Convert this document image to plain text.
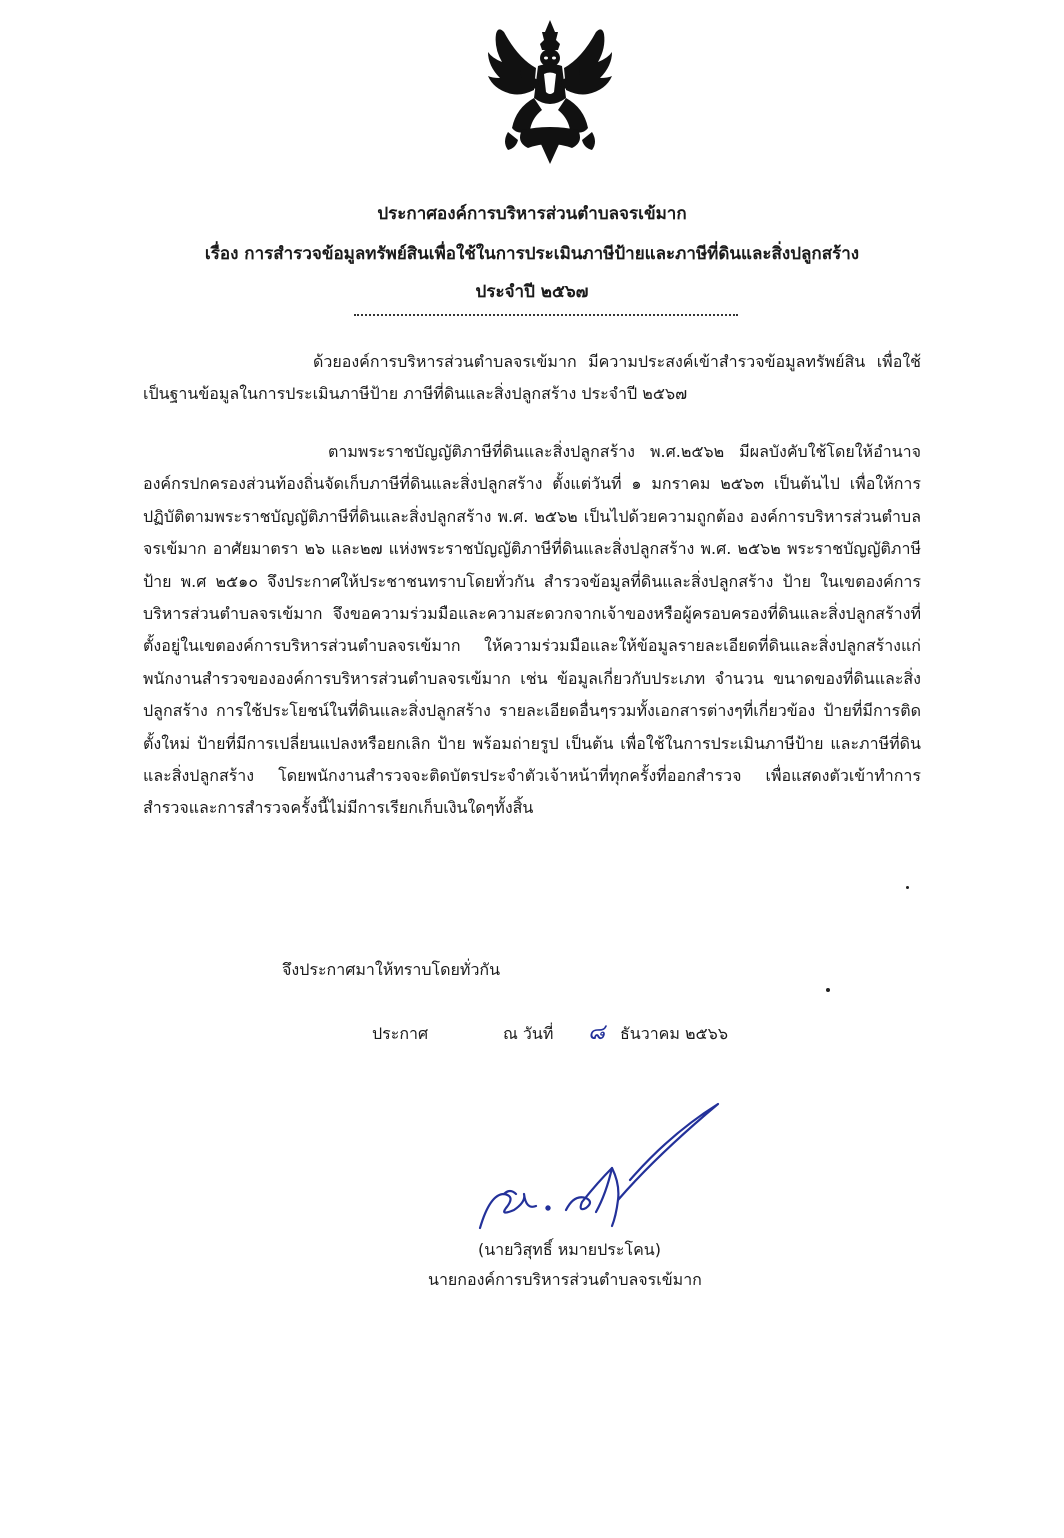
ประกาศองค์การบริหารส่วนตำบลจรเข้มาก
เรื่อง การสำรวจข้อมูลทรัพย์สินเพื่อใช้ในการประเมินภาษีป้ายและภาษีที่ดินและสิ่งปลูกสร้าง
ประจำปี ๒๕๖๗
ด้วยองค์การบริหารส่วนตำบลจรเข้มาก มีความประสงค์เข้าสำรวจข้อมูลทรัพย์สิน เพื่อใช้เป็นฐานข้อมูลในการประเมินภาษีป้าย ภาษีที่ดินและสิ่งปลูกสร้าง ประจำปี ๒๕๖๗
ตามพระราชบัญญัติภาษีที่ดินและสิ่งปลูกสร้าง พ.ศ.๒๕๖๒ มีผลบังคับใช้โดยให้อำนาจองค์กรปกครองส่วนท้องถิ่นจัดเก็บภาษีที่ดินและสิ่งปลูกสร้าง ตั้งแต่วันที่ ๑ มกราคม ๒๕๖๓ เป็นต้นไป เพื่อให้การปฏิบัติตามพระราชบัญญัติภาษีที่ดินและสิ่งปลูกสร้าง พ.ศ. ๒๕๖๒ เป็นไปด้วยความถูกต้อง องค์การบริหารส่วนตำบลจรเข้มาก อาศัยมาตรา ๒๖ และ๒๗ แห่งพระราชบัญญัติภาษีที่ดินและสิ่งปลูกสร้าง พ.ศ. ๒๕๖๒ พระราชบัญญัติภาษีป้าย พ.ศ ๒๕๑๐ จึงประกาศให้ประชาชนทราบโดยทั่วกัน สำรวจข้อมูลที่ดินและสิ่งปลูกสร้าง ป้าย ในเขตองค์การบริหารส่วนตำบลจรเข้มาก จึงขอความร่วมมือและความสะดวกจากเจ้าของหรือผู้ครอบครองที่ดินและสิ่งปลูกสร้างที่ตั้งอยู่ในเขตองค์การบริหารส่วนตำบลจรเข้มาก ให้ความร่วมมือและให้ข้อมูลรายละเอียดที่ดินและสิ่งปลูกสร้างแก่พนักงานสำรวจขององค์การบริหารส่วนตำบลจรเข้มาก เช่น ข้อมูลเกี่ยวกับประเภท จำนวน ขนาดของที่ดินและสิ่งปลูกสร้าง การใช้ประโยชน์ในที่ดินและสิ่งปลูกสร้าง รายละเอียดอื่นๆรวมทั้งเอกสารต่างๆที่เกี่ยวข้อง ป้ายที่มีการติดตั้งใหม่ ป้ายที่มีการเปลี่ยนแปลงหรือยกเลิก ป้าย พร้อมถ่ายรูป เป็นต้น เพื่อใช้ในการประเมินภาษีป้าย และภาษีที่ดินและสิ่งปลูกสร้าง โดยพนักงานสำรวจจะติดบัตรประจำตัวเจ้าหน้าที่ทุกครั้งที่ออกสำรวจ เพื่อแสดงตัวเข้าทำการสำรวจและการสำรวจครั้งนี้ไม่มีการเรียกเก็บเงินใดๆทั้งสิ้น
จึงประกาศมาให้ทราบโดยทั่วกัน
ประกาศ	ณ วันที่ ๘ ธันวาคม ๒๕๖๖
(นายวิสุทธิ์ หมายประโคน)
นายกองค์การบริหารส่วนตำบลจรเข้มาก
